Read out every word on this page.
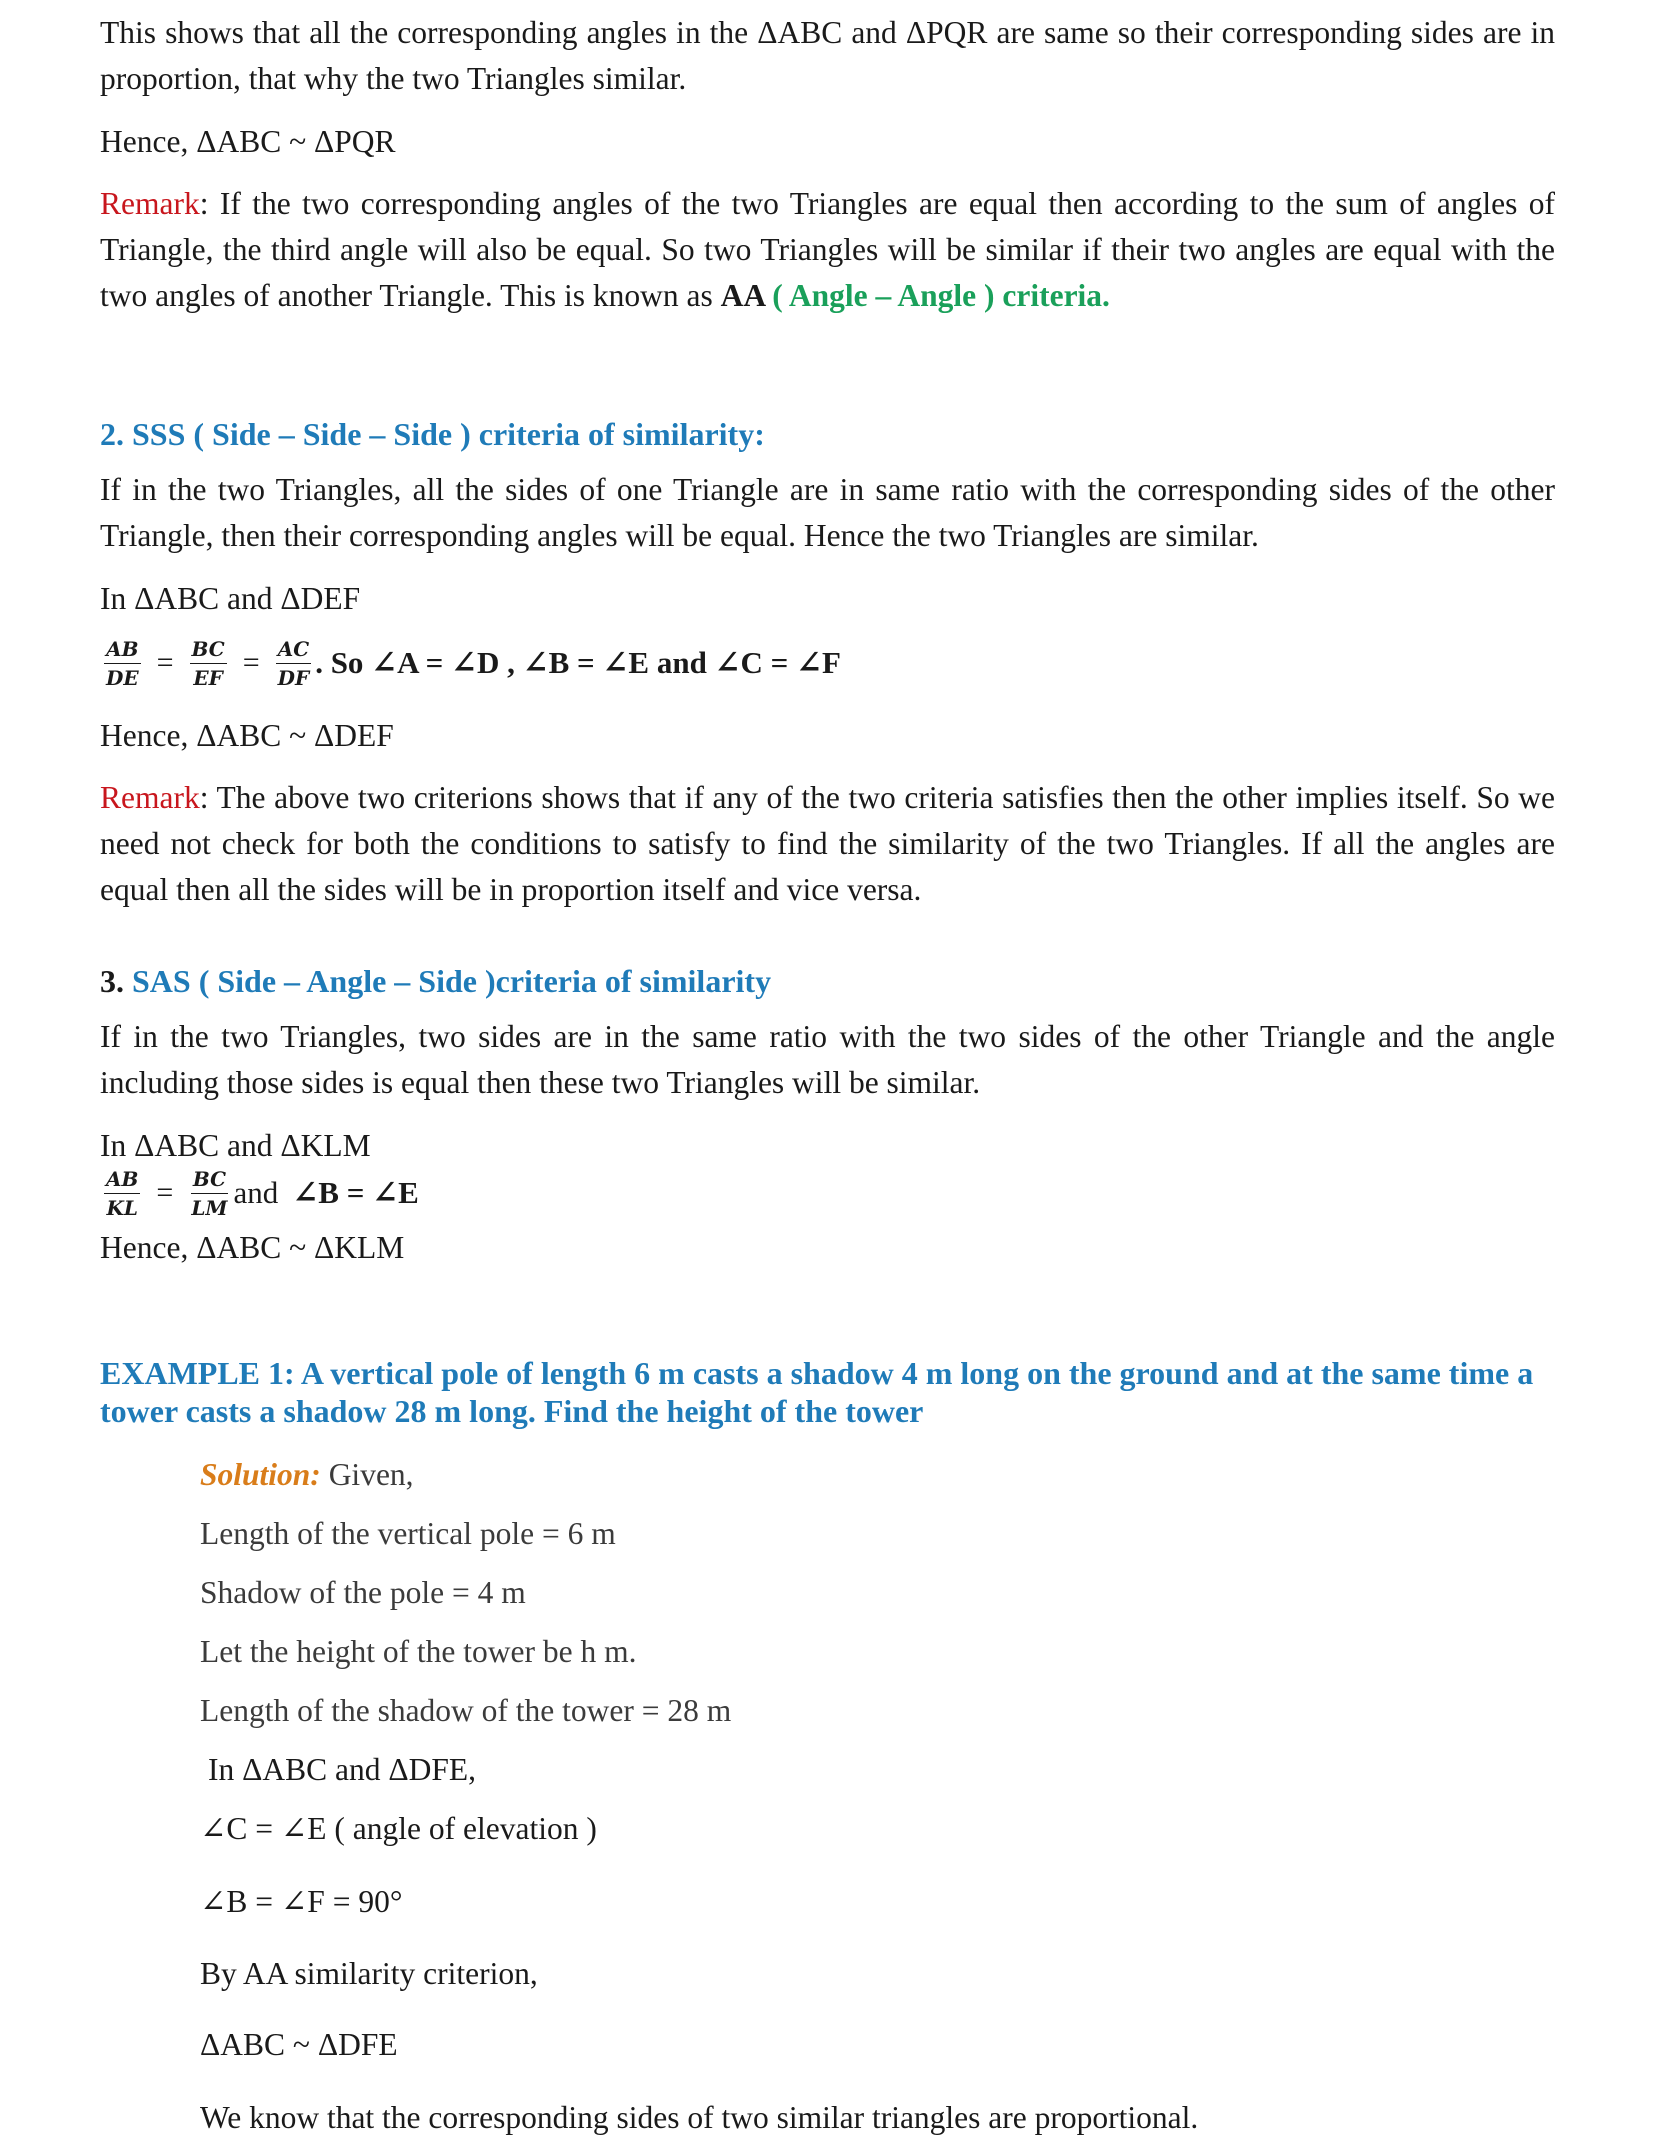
This shows that all the corresponding angles in the ΔABC and ΔPQR are same so their corresponding sides are in proportion, that why the two Triangles similar.

Hence, ΔABC ~ ΔPQR

Remark: If the two corresponding angles of the two Triangles are equal then according to the sum of angles of Triangle, the third angle will also be equal. So two Triangles will be similar if their two angles are equal with the two angles of another Triangle. This is known as AA ( Angle – Angle ) criteria.

2. SSS ( Side – Side – Side ) criteria of similarity:

If in the two Triangles, all the sides of one Triangle are in same ratio with the corresponding sides of the other Triangle, then their corresponding angles will be equal. Hence the two Triangles are similar.

In ΔABC and ΔDEF

$\frac{AB}{DE} = \frac{BC}{EF} = \frac{AC}{DF}$ . So ∠A = ∠D , ∠B = ∠E and ∠C = ∠F

Hence, ΔABC ~ ΔDEF

Remark: The above two criterions shows that if any of the two criteria satisfies then the other implies itself. So we need not check for both the conditions to satisfy to find the similarity of the two Triangles. If all the angles are equal then all the sides will be in proportion itself and vice versa.

3. SAS ( Side – Angle – Side )criteria of similarity

If in the two Triangles, two sides are in the same ratio with the two sides of the other Triangle and the angle including those sides is equal then these two Triangles will be similar.

In ΔABC and ΔKLM

$\frac{AB}{KL} = \frac{BC}{LM}$ and ∠B = ∠E

Hence, ΔABC ~ ΔKLM

EXAMPLE 1: A vertical pole of length 6 m casts a shadow 4 m long on the ground and at the same time a tower casts a shadow 28 m long. Find the height of the tower

Solution: Given,

Length of the vertical pole = 6 m

Shadow of the pole = 4 m

Let the height of the tower be h m.

Length of the shadow of the tower = 28 m

In ΔABC and ΔDFE,

∠C = ∠E ( angle of elevation )

∠B = ∠F = 90°

By AA similarity criterion,

ΔABC ~ ΔDFE

We know that the corresponding sides of two similar triangles are proportional.
